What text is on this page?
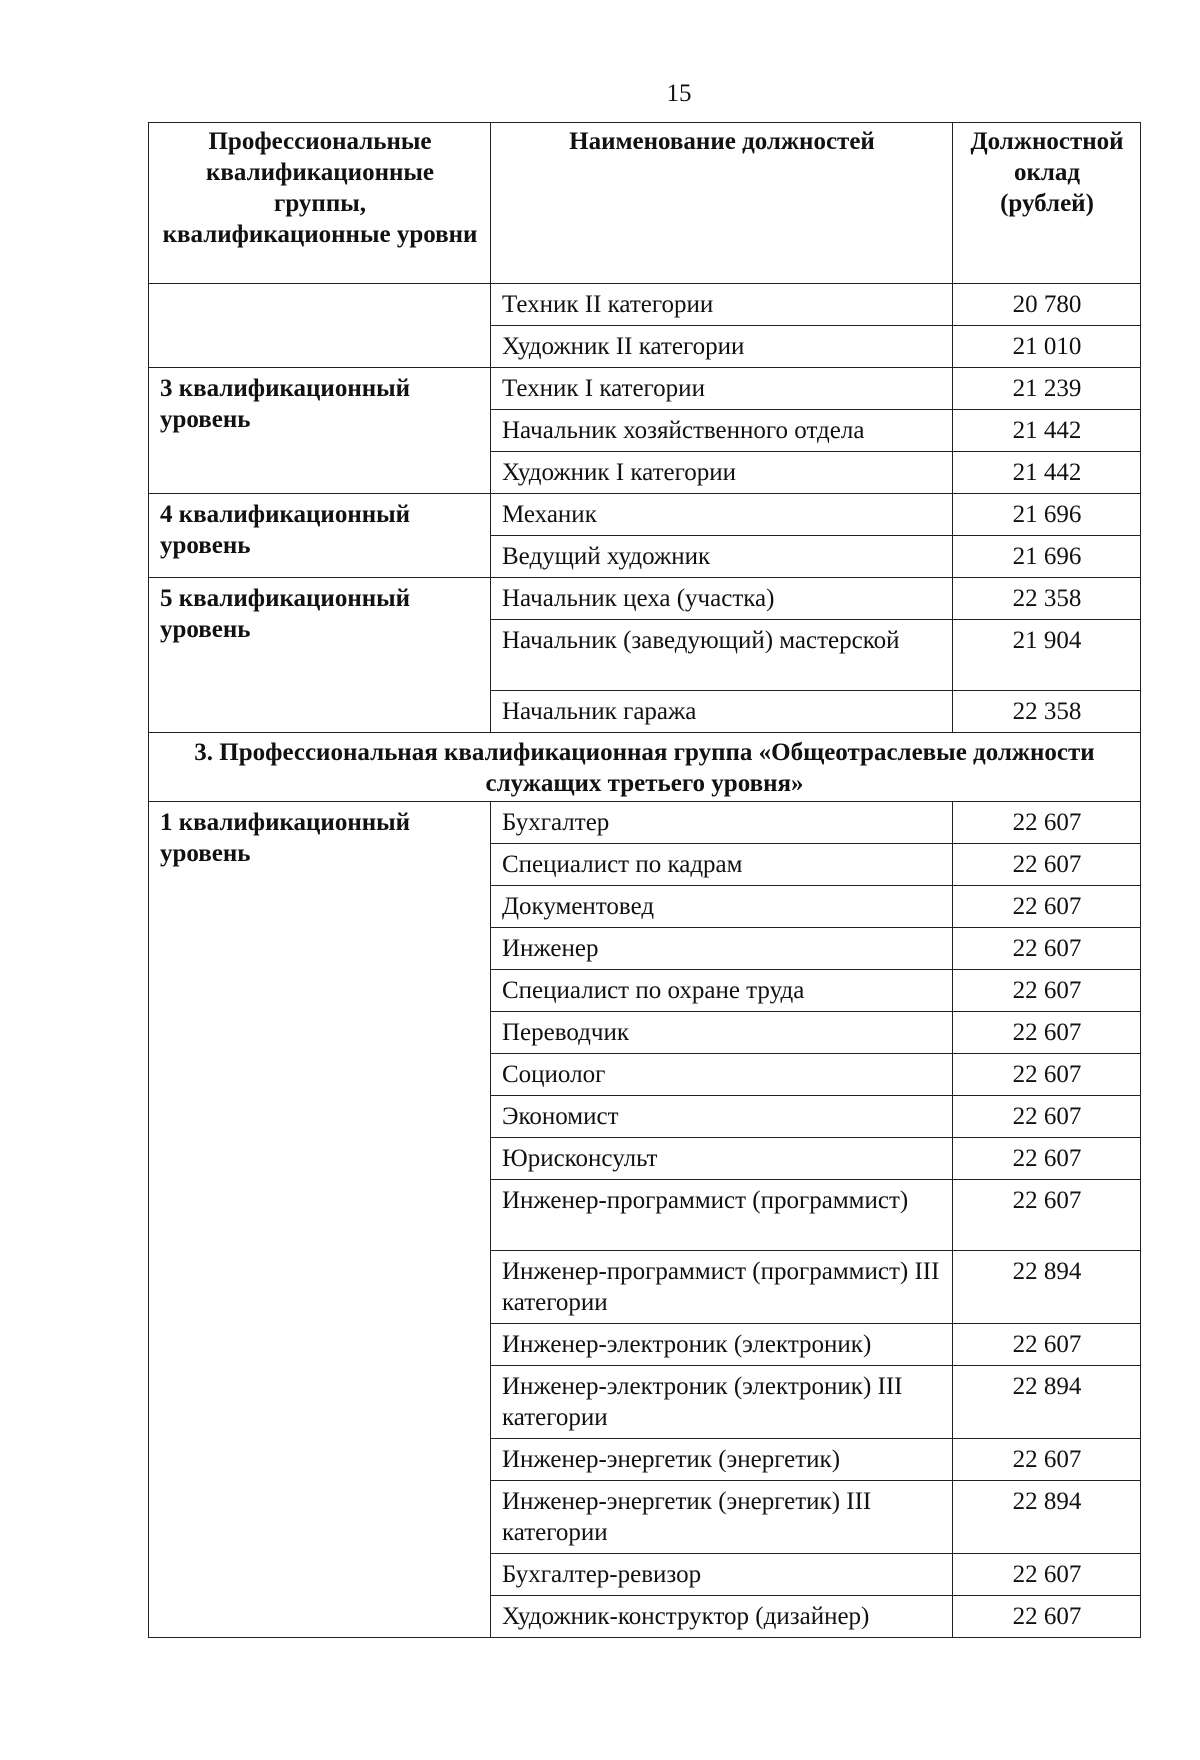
15
Профессиональные квалификационные группы, квалификационные уровни	Наименование должностей	Должностной оклад (рублей)
	Техник II категории	20 780
	Художник II категории	21 010
3 квалификационный уровень	Техник I категории	21 239
	Начальник хозяйственного отдела	21 442
	Художник I категории	21 442
4 квалификационный уровень	Механик	21 696
	Ведущий художник	21 696
5 квалификационный уровень	Начальник цеха (участка)	22 358
	Начальник (заведующий) мастерской	21 904
	Начальник гаража	22 358
3. Профессиональная квалификационная группа «Общеотраслевые должности служащих третьего уровня»		
1 квалификационный уровень	Бухгалтер	22 607
	Специалист по кадрам	22 607
	Документовед	22 607
	Инженер	22 607
	Специалист по охране труда	22 607
	Переводчик	22 607
	Социолог	22 607
	Экономист	22 607
	Юрисконсульт	22 607
	Инженер-программист (программист)	22 607
	Инженер-программист (программист) III категории	22 894
	Инженер-электроник (электроник)	22 607
	Инженер-электроник (электроник) III категории	22 894
	Инженер-энергетик (энергетик)	22 607
	Инженер-энергетик (энергетик) III категории	22 894
	Бухгалтер-ревизор	22 607
	Художник-конструктор (дизайнер)	22 607
